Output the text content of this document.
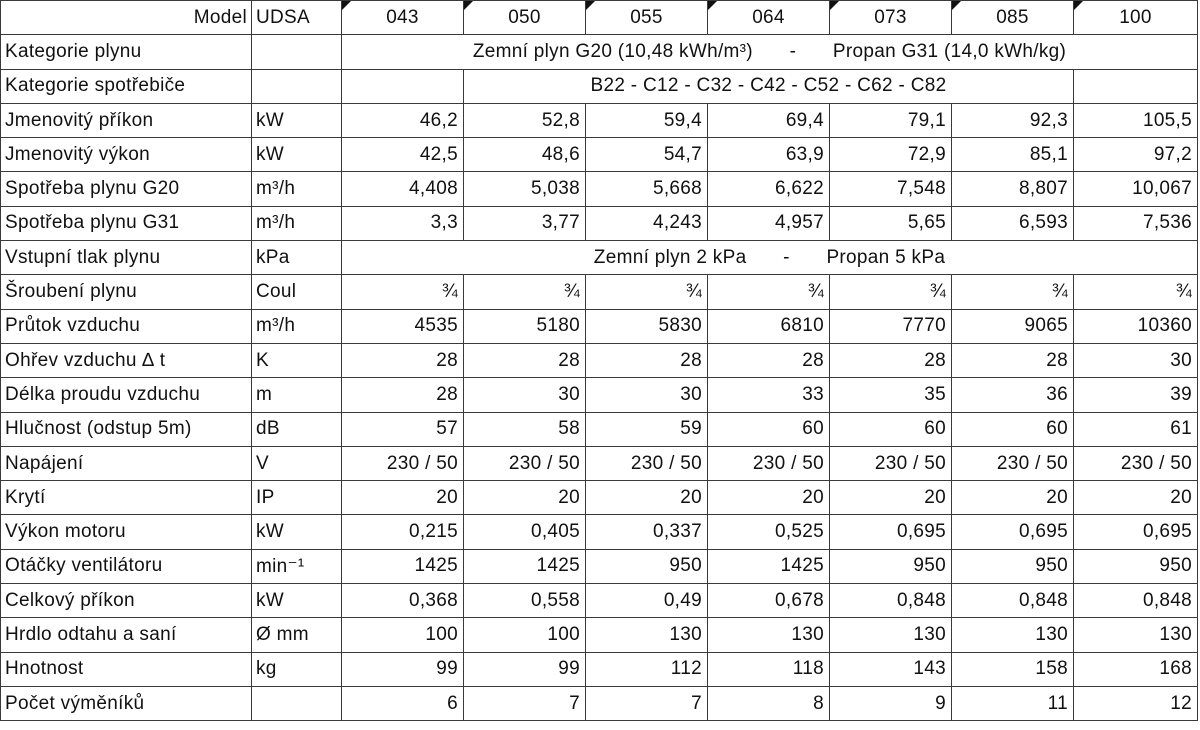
Model	UDSA	043	050	055	064	073	085	100
Kategorie plynu		Zemní plyn G20 (10,48 kWh/m³) - Propan G31 (14,0 kWh/kg)						
Kategorie spotřebiče			B22 - C12 - C32 - C42 - C52 - C62 - C82					
Jmenovitý příkon	kW	46,2	52,8	59,4	69,4	79,1	92,3	105,5
Jmenovitý výkon	kW	42,5	48,6	54,7	63,9	72,9	85,1	97,2
Spotřeba plynu G20	m³/h	4,408	5,038	5,668	6,622	7,548	8,807	10,067
Spotřeba plynu G31	m³/h	3,3	3,77	4,243	4,957	5,65	6,593	7,536
Vstupní tlak plynu	kPa	Zemní plyn 2 kPa - Propan 5 kPa						
Šroubení plynu	Coul	¾	¾	¾	¾	¾	¾	¾
Průtok vzduchu	m³/h	4535	5180	5830	6810	7770	9065	10360
Ohřev vzduchu ∆ t	K	28	28	28	28	28	28	30
Délka proudu vzduchu	m	28	30	30	33	35	36	39
Hlučnost (odstup 5m)	dB	57	58	59	60	60	60	61
Napájení	V	230 / 50	230 / 50	230 / 50	230 / 50	230 / 50	230 / 50	230 / 50
Krytí	IP	20	20	20	20	20	20	20
Výkon motoru	kW	0,215	0,405	0,337	0,525	0,695	0,695	0,695
Otáčky ventilátoru	min⁻¹	1425	1425	950	1425	950	950	950
Celkový příkon	kW	0,368	0,558	0,49	0,678	0,848	0,848	0,848
Hrdlo odtahu a saní	Ø mm	100	100	130	130	130	130	130
Hnotnost	kg	99	99	112	118	143	158	168
Počet výměníků		6	7	7	8	9	11	12
